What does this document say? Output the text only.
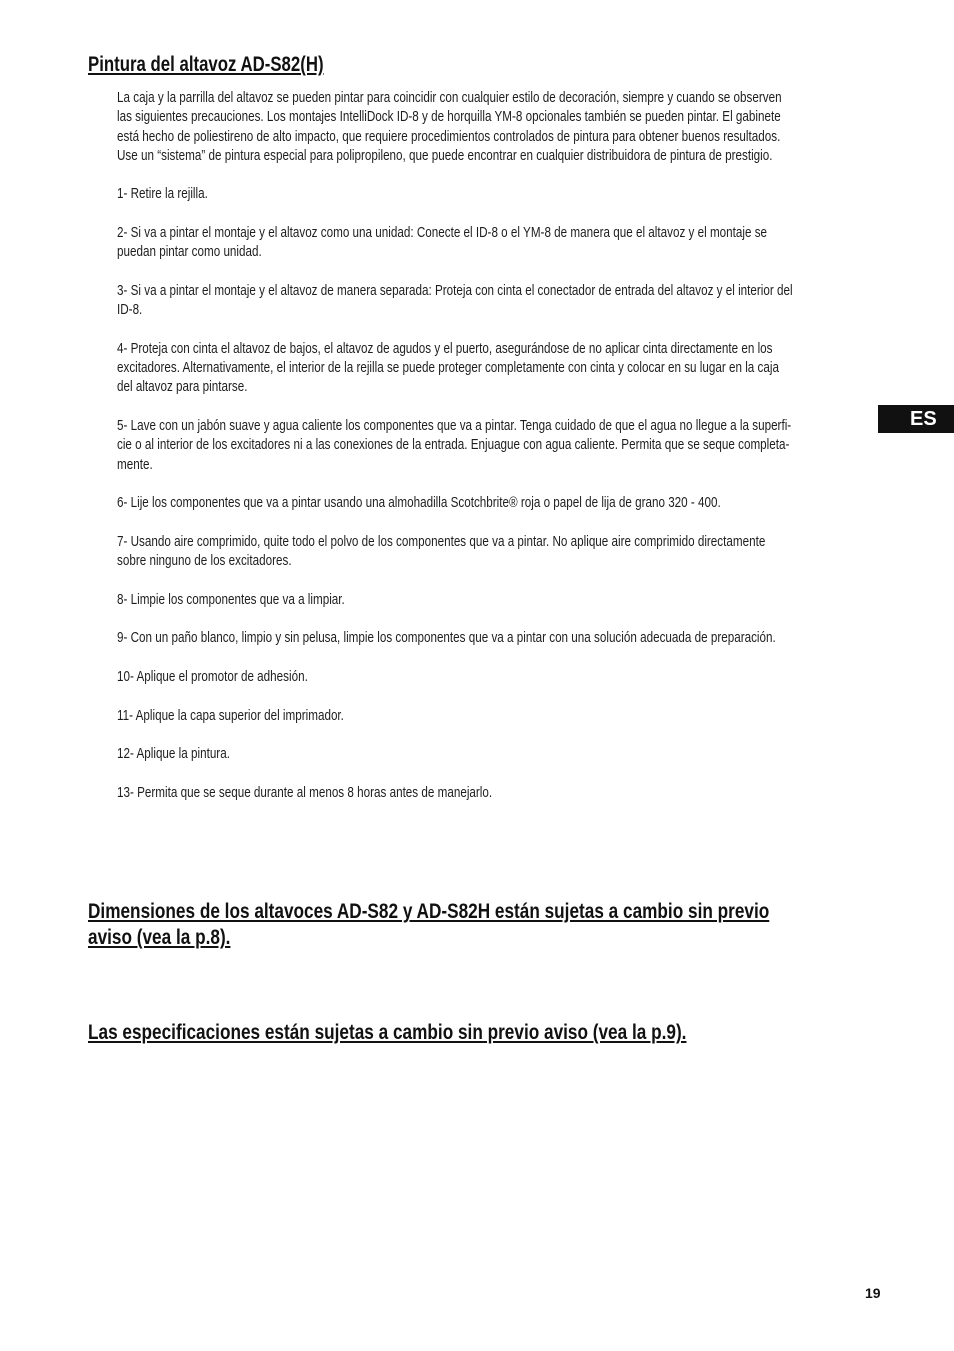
Pintura del altavoz AD-S82(H)

La caja y la parrilla del altavoz se pueden pintar para coincidir con cualquier estilo de decoración, siempre y cuando se observen
las siguientes precauciones. Los montajes IntelliDock ID-8 y de horquilla YM-8 opcionales también se pueden pintar. El gabinete
está hecho de poliestireno de alto impacto, que requiere procedimientos controlados de pintura para obtener buenos resultados.
Use un “sistema” de pintura especial para polipropileno, que puede encontrar en cualquier distribuidora de pintura de prestigio.

1- Retire la rejilla.

2- Si va a pintar el montaje y el altavoz como una unidad: Conecte el ID-8 o el YM-8 de manera que el altavoz y el montaje se
puedan pintar como unidad.

3- Si va a pintar el montaje y el altavoz de manera separada: Proteja con cinta el conectador de entrada del altavoz y el interior del
ID-8.

4- Proteja con cinta el altavoz de bajos, el altavoz de agudos y el puerto, asegurándose de no aplicar cinta directamente en los
excitadores. Alternativamente, el interior de la rejilla se puede proteger completamente con cinta y colocar en su lugar en la caja
del altavoz para pintarse.

5- Lave con un jabón suave y agua caliente los componentes que va a pintar. Tenga cuidado de que el agua no llegue a la superfi-
cie o al interior de los excitadores ni a las conexiones de la entrada. Enjuague con agua caliente. Permita que se seque completa-
mente.

6- Lije los componentes que va a pintar usando una almohadilla Scotchbrite® roja o papel de lija de grano 320 - 400.

7- Usando aire comprimido, quite todo el polvo de los componentes que va a pintar. No aplique aire comprimido directamente
sobre ninguno de los excitadores.

8- Limpie los componentes que va a limpiar.

9- Con un paño blanco, limpio y sin pelusa, limpie los componentes que va a pintar con una solución adecuada de preparación.

10- Aplique el promotor de adhesión.

11- Aplique la capa superior del imprimador.

12- Aplique la pintura.

13- Permita que se seque durante al menos 8 horas antes de manejarlo.

Dimensiones de los altavoces AD-S82 y AD-S82H están sujetas a cambio sin previo
aviso (vea la p.8).
Las especificaciones están sujetas a cambio sin previo aviso (vea la p.9).
ES
19
